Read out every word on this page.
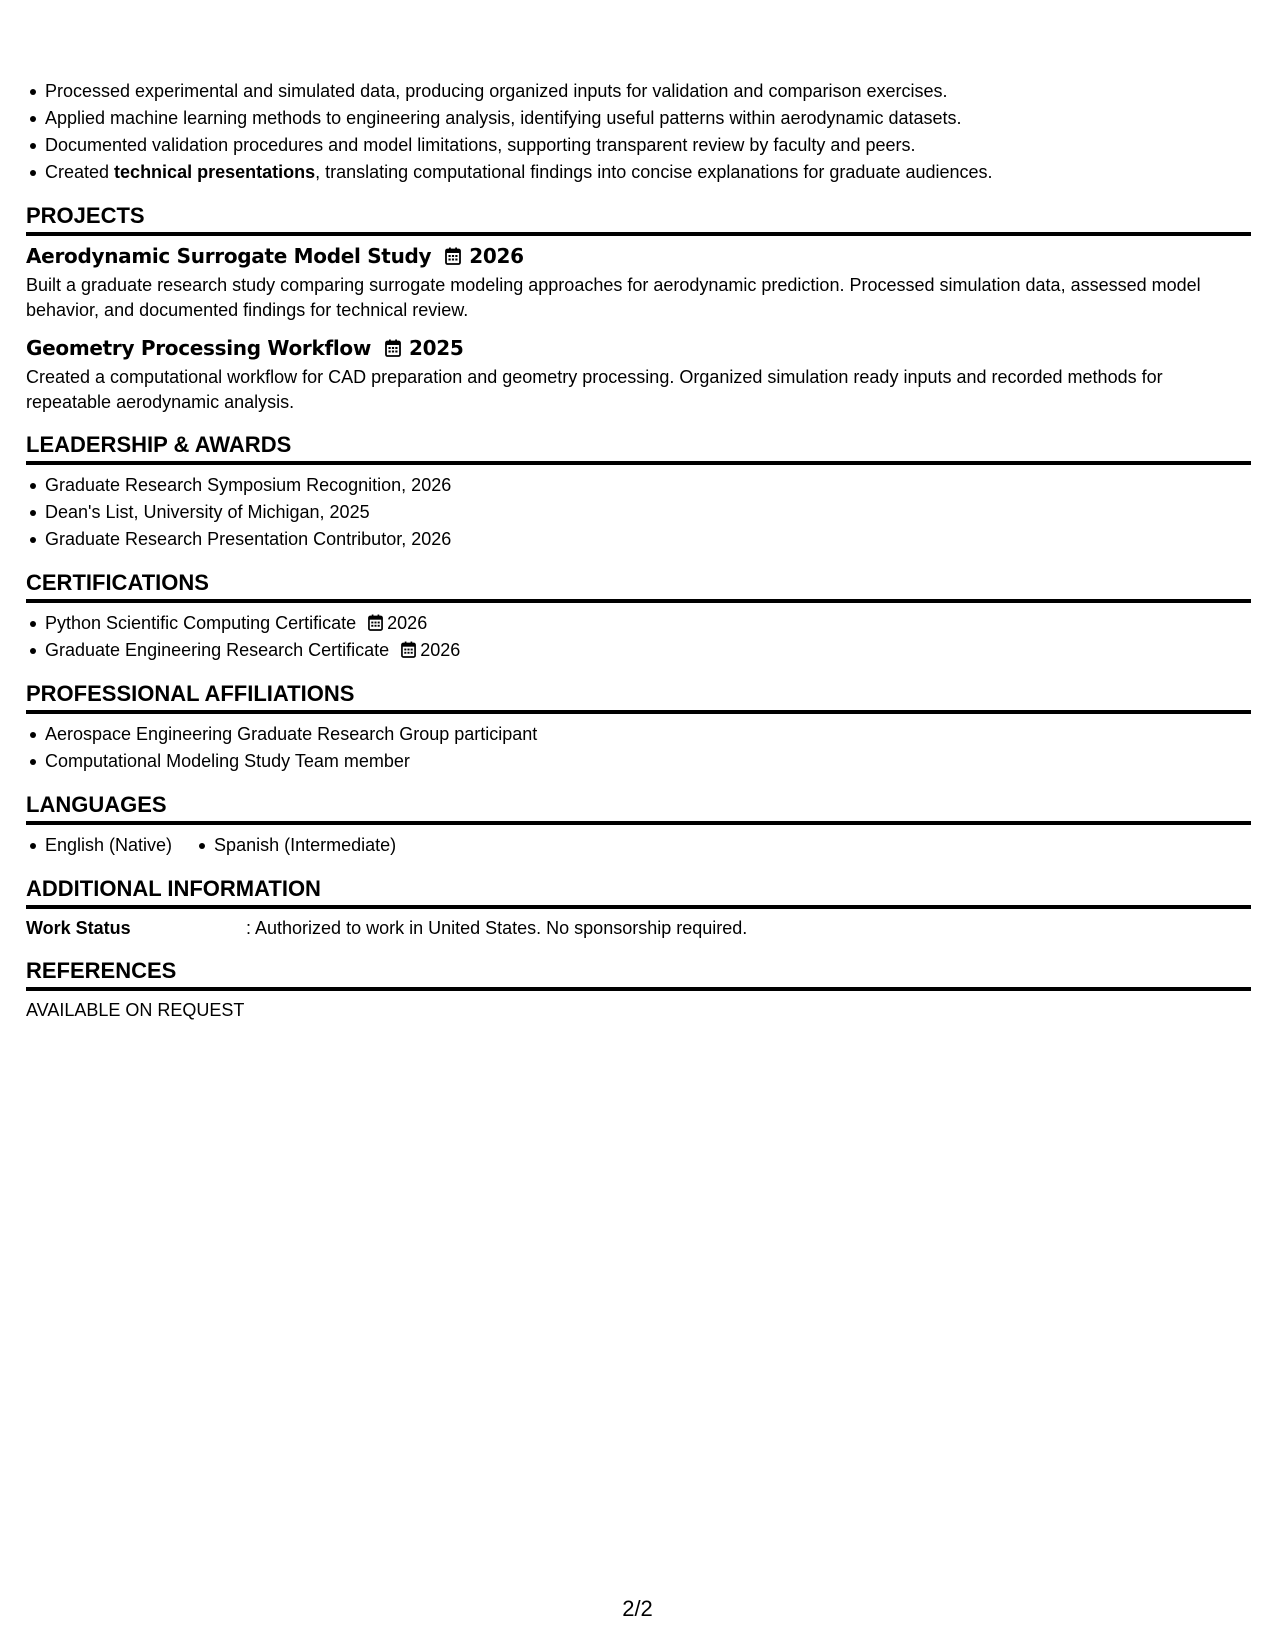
Processed experimental and simulated data, producing organized inputs for validation and comparison exercises.
Applied machine learning methods to engineering analysis, identifying useful patterns within aerodynamic datasets.
Documented validation procedures and model limitations, supporting transparent review by faculty and peers.
Created technical presentations, translating computational findings into concise explanations for graduate audiences.
PROJECTS
Aerodynamic Surrogate Model Study 2026
Built a graduate research study comparing surrogate modeling approaches for aerodynamic prediction. Processed simulation data, assessed model behavior, and documented findings for technical review.
Geometry Processing Workflow 2025
Created a computational workflow for CAD preparation and geometry processing. Organized simulation ready inputs and recorded methods for repeatable aerodynamic analysis.
LEADERSHIP & AWARDS
Graduate Research Symposium Recognition, 2026
Dean's List, University of Michigan, 2025
Graduate Research Presentation Contributor, 2026
CERTIFICATIONS
Python Scientific Computing Certificate 2026
Graduate Engineering Research Certificate 2026
PROFESSIONAL AFFILIATIONS
Aerospace Engineering Graduate Research Group participant
Computational Modeling Study Team member
LANGUAGES
English (Native) Spanish (Intermediate)
ADDITIONAL INFORMATION
Work Status	: Authorized to work in United States. No sponsorship required.
REFERENCES
AVAILABLE ON REQUEST
2/2
